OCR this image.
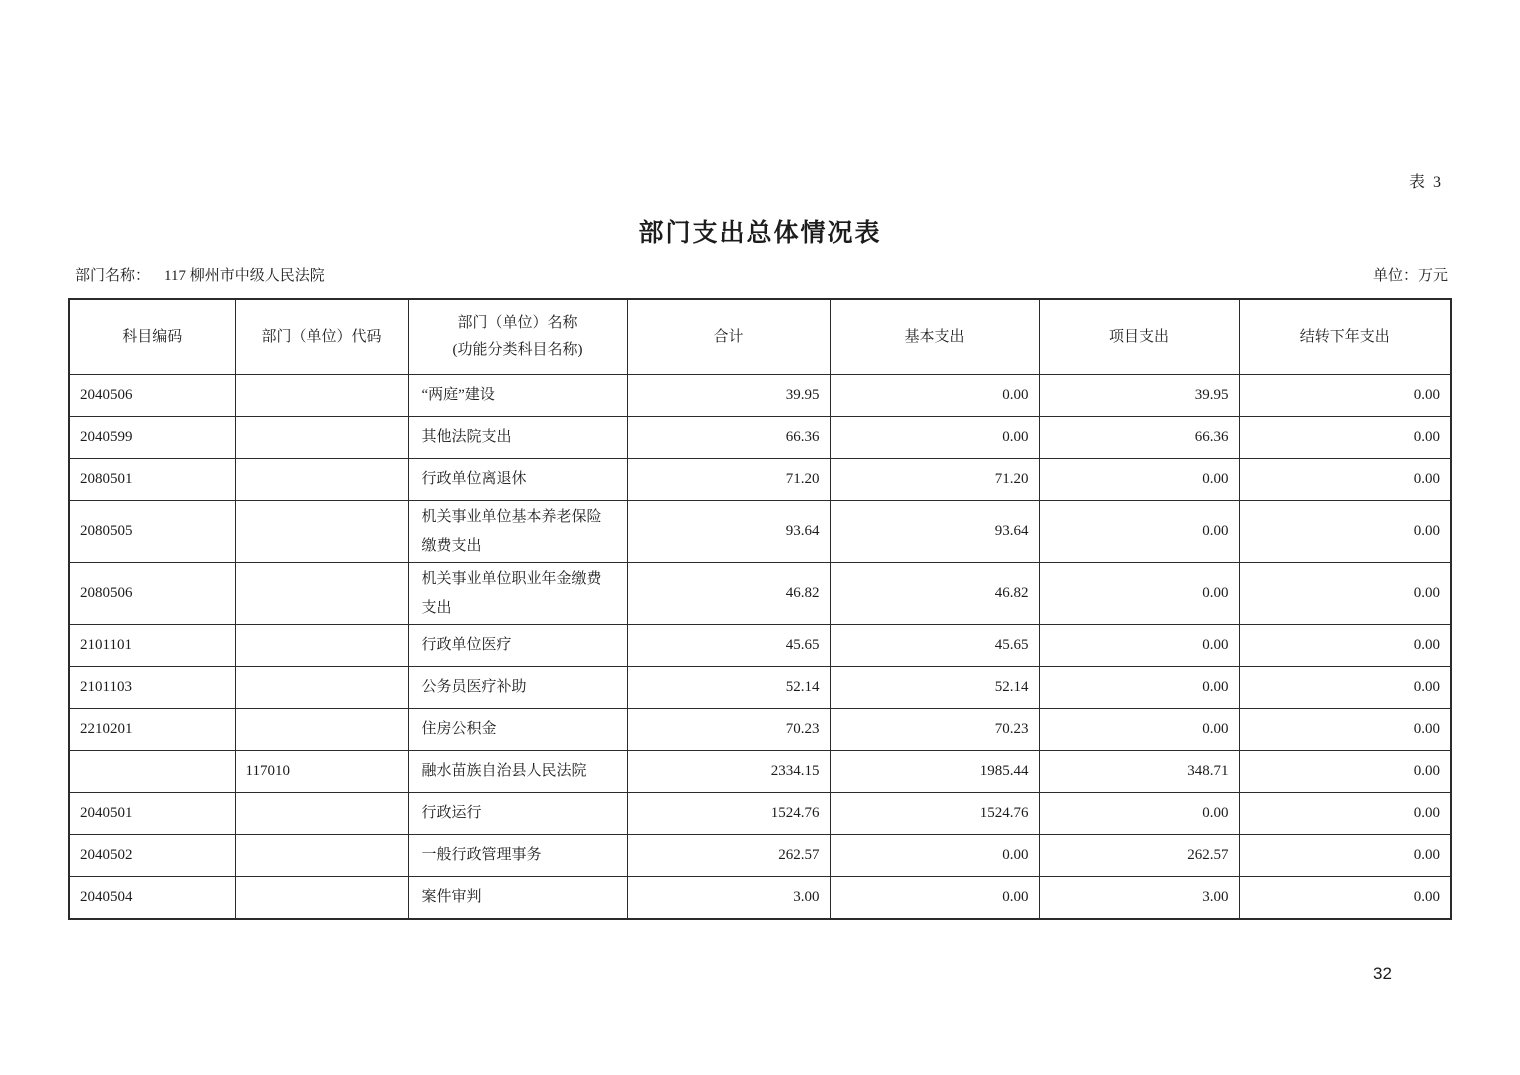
表 3
部门支出总体情况表
部门名称： 117 柳州市中级人民法院	单位：万元
科目编码	部门（单位）代码	部门（单位）名称
(功能分类科目名称)	合计	基本支出	项目支出	结转下年支出
2040506		“两庭”建设	39.95	0.00	39.95	0.00
2040599		其他法院支出	66.36	0.00	66.36	0.00
2080501		行政单位离退休	71.20	71.20	0.00	0.00
2080505		机关事业单位基本养老保险缴费支出	93.64	93.64	0.00	0.00
2080506		机关事业单位职业年金缴费支出	46.82	46.82	0.00	0.00
2101101		行政单位医疗	45.65	45.65	0.00	0.00
2101103		公务员医疗补助	52.14	52.14	0.00	0.00
2210201		住房公积金	70.23	70.23	0.00	0.00
	117010	融水苗族自治县人民法院	2334.15	1985.44	348.71	0.00
2040501		行政运行	1524.76	1524.76	0.00	0.00
2040502		一般行政管理事务	262.57	0.00	262.57	0.00
2040504		案件审判	3.00	0.00	3.00	0.00
32
